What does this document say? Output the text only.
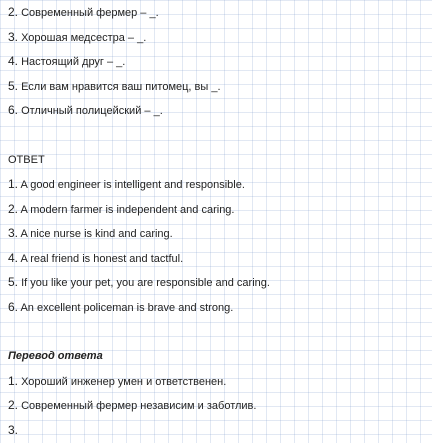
2. Современный фермер – _.
3. Хорошая медсестра – _.
4. Настоящий друг – _.
5. Если вам нравится ваш питомец, вы _.
6. Отличный полицейский – _.
ОТВЕТ
1. A good engineer is intelligent and responsible.
2. A modern farmer is independent and caring.
3. A nice nurse is kind and caring.
4. A real friend is honest and tactful.
5. If you like your pet, you are responsible and caring.
6. An excellent policeman is brave and strong.
Перевод ответа
1. Хороший инженер умен и ответственен.
2. Современный фермер независим и заботлив.
3.
